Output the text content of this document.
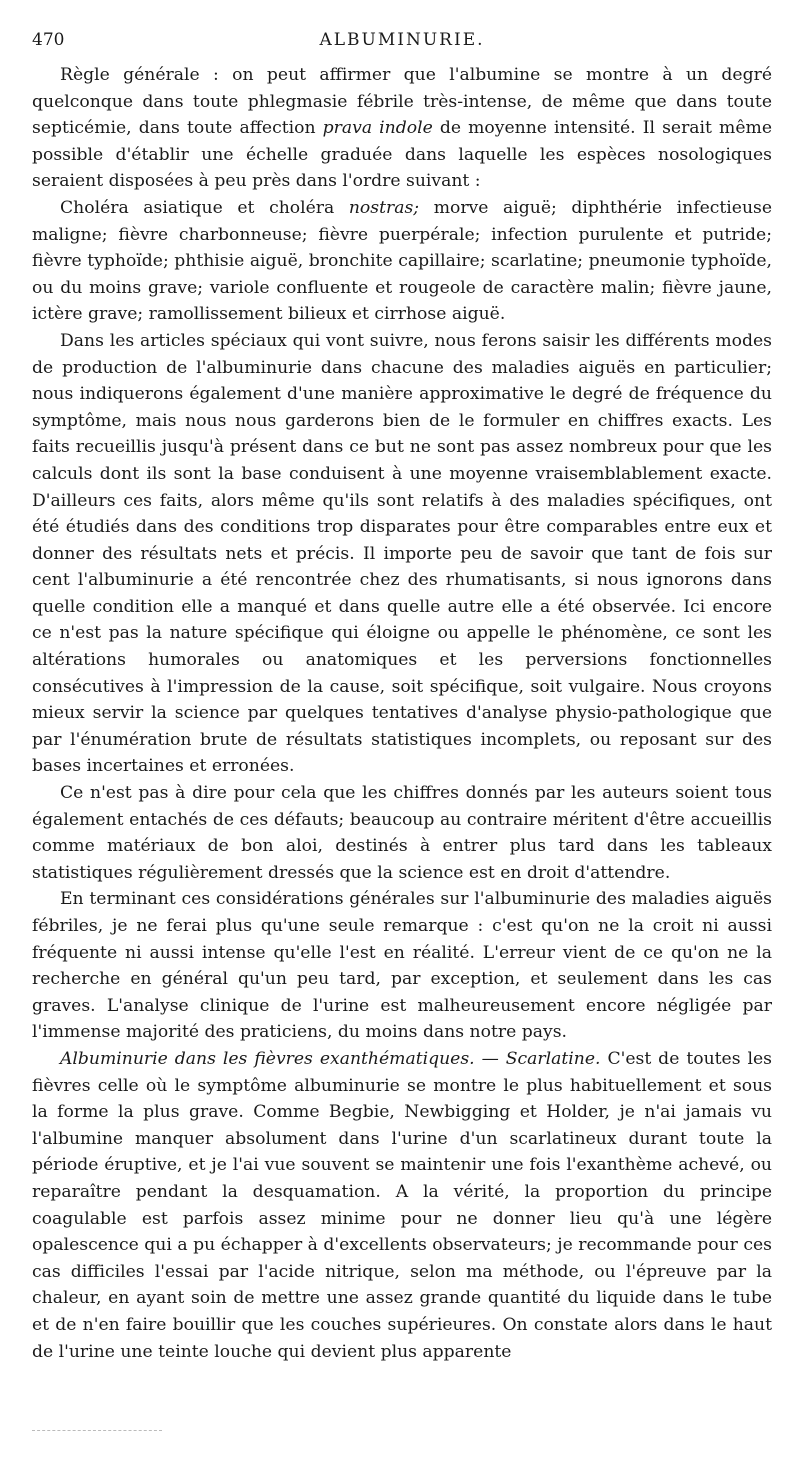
470	ALBUMINURIE.

Règle générale : on peut affirmer que l'albumine se montre à un degré quelconque dans toute phlegmasie fébrile très-intense, de même que dans toute septicémie, dans toute affection prava indole de moyenne intensité. Il serait même possible d'établir une échelle graduée dans laquelle les espèces nosologiques seraient disposées à peu près dans l'ordre suivant :

Choléra asiatique et choléra nostras; morve aiguë; diphthérie infectieuse maligne; fièvre charbonneuse; fièvre puerpérale; infection purulente et putride; fièvre typhoïde; phthisie aiguë, bronchite capillaire; scarlatine; pneumonie typhoïde, ou du moins grave; variole confluente et rougeole de caractère malin; fièvre jaune, ictère grave; ramollissement bilieux et cirrhose aiguë.

Dans les articles spéciaux qui vont suivre, nous ferons saisir les différents modes de production de l'albuminurie dans chacune des maladies aiguës en particulier; nous indiquerons également d'une manière approximative le degré de fréquence du symptôme, mais nous nous garderons bien de le formuler en chiffres exacts. Les faits recueillis jusqu'à présent dans ce but ne sont pas assez nombreux pour que les calculs dont ils sont la base conduisent à une moyenne vraisemblablement exacte. D'ailleurs ces faits, alors même qu'ils sont relatifs à des maladies spécifiques, ont été étudiés dans des conditions trop disparates pour être comparables entre eux et donner des résultats nets et précis. Il importe peu de savoir que tant de fois sur cent l'albuminurie a été rencontrée chez des rhumatisants, si nous ignorons dans quelle condition elle a manqué et dans quelle autre elle a été observée. Ici encore ce n'est pas la nature spécifique qui éloigne ou appelle le phénomène, ce sont les altérations humorales ou anatomiques et les perversions fonctionnelles consécutives à l'impression de la cause, soit spécifique, soit vulgaire. Nous croyons mieux servir la science par quelques tentatives d'analyse physio-pathologique que par l'énumération brute de résultats statistiques incomplets, ou reposant sur des bases incertaines et erronées.

Ce n'est pas à dire pour cela que les chiffres donnés par les auteurs soient tous également entachés de ces défauts; beaucoup au contraire méritent d'être accueillis comme matériaux de bon aloi, destinés à entrer plus tard dans les tableaux statistiques régulièrement dressés que la science est en droit d'attendre.

En terminant ces considérations générales sur l'albuminurie des maladies aiguës fébriles, je ne ferai plus qu'une seule remarque : c'est qu'on ne la croit ni aussi fréquente ni aussi intense qu'elle l'est en réalité. L'erreur vient de ce qu'on ne la recherche en général qu'un peu tard, par exception, et seulement dans les cas graves. L'analyse clinique de l'urine est malheureusement encore négligée par l'immense majorité des praticiens, du moins dans notre pays.

Albuminurie dans les fièvres exanthématiques. — Scarlatine. C'est de toutes les fièvres celle où le symptôme albuminurie se montre le plus habituellement et sous la forme la plus grave. Comme Begbie, Newbigging et Holder, je n'ai jamais vu l'albumine manquer absolument dans l'urine d'un scarlatineux durant toute la période éruptive, et je l'ai vue souvent se maintenir une fois l'exanthème achevé, ou reparaître pendant la desquamation. A la vérité, la proportion du principe coagulable est parfois assez minime pour ne donner lieu qu'à une légère opalescence qui a pu échapper à d'excellents observateurs; je recommande pour ces cas difficiles l'essai par l'acide nitrique, selon ma méthode, ou l'épreuve par la chaleur, en ayant soin de mettre une assez grande quantité du liquide dans le tube et de n'en faire bouillir que les couches supérieures. On constate alors dans le haut de l'urine une teinte louche qui devient plus apparente
